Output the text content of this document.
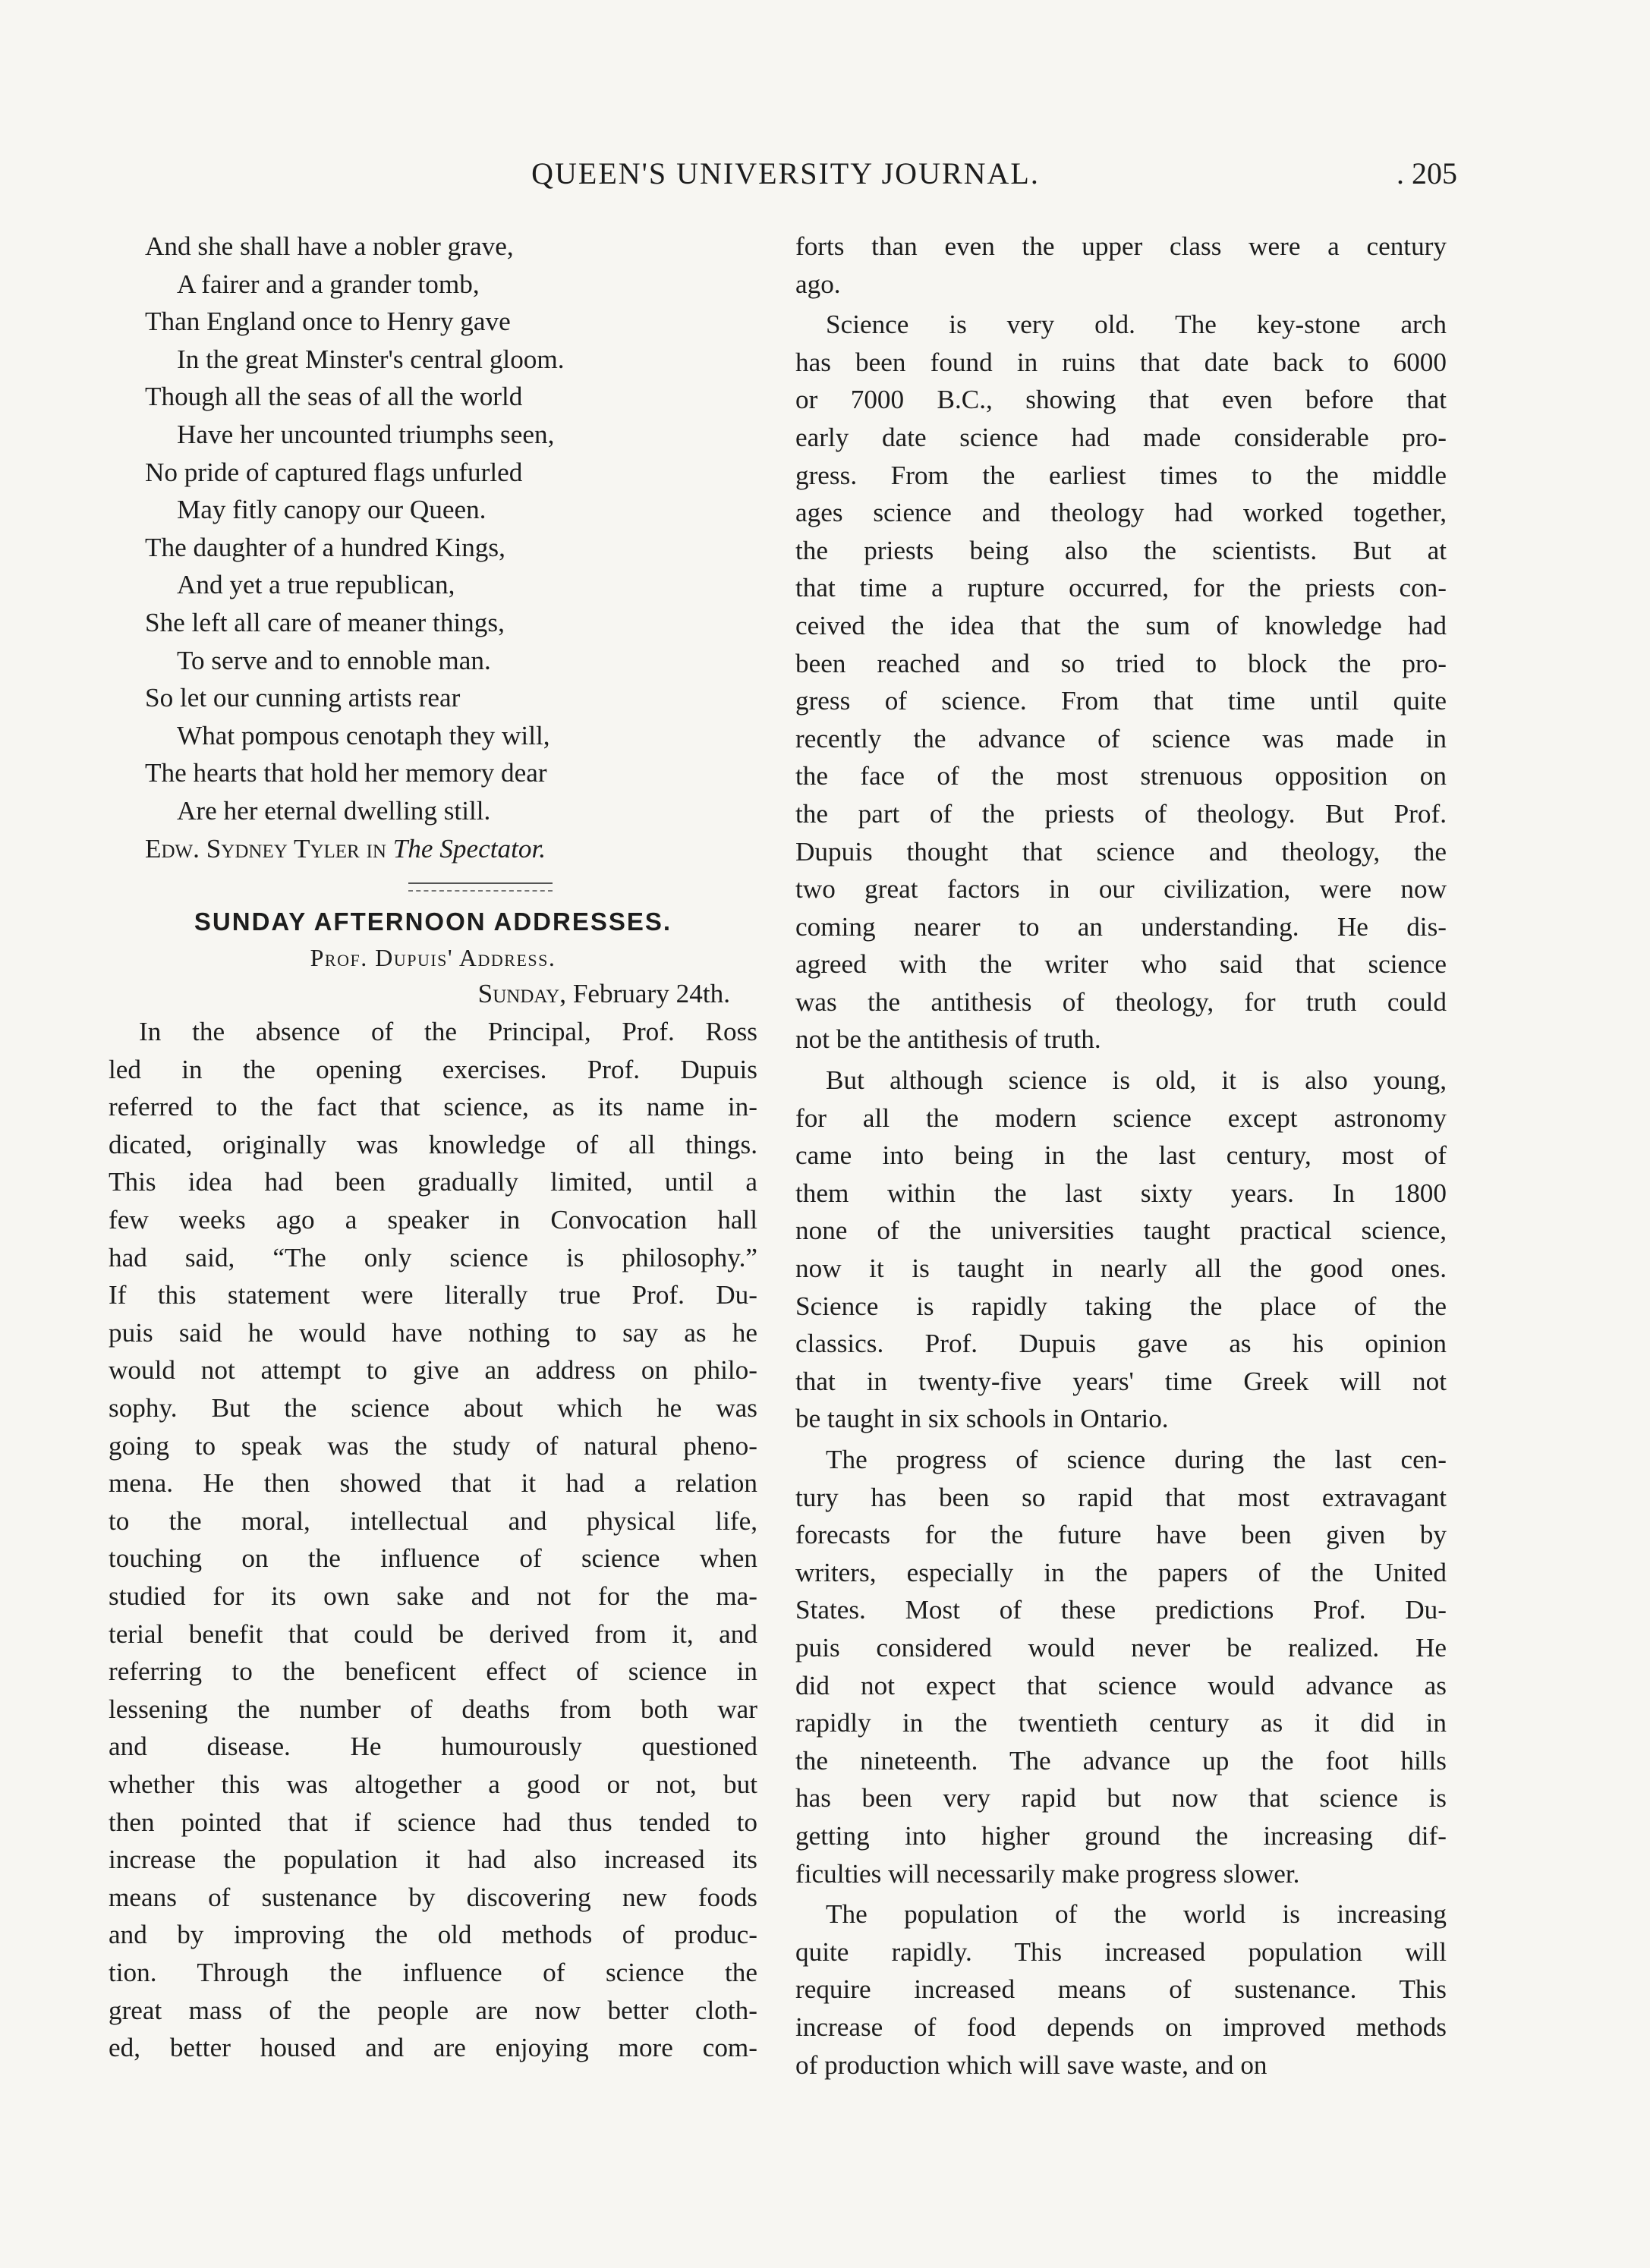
QUEEN'S UNIVERSITY JOURNAL.	. 205
And she shall have a nobler grave,
A fairer and a grander tomb,
Than England once to Henry gave
In the great Minster's central gloom.
Though all the seas of all the world
Have her uncounted triumphs seen,
No pride of captured flags unfurled
May fitly canopy our Queen.
The daughter of a hundred Kings,
And yet a true republican,
She left all care of meaner things,
To serve and to ennoble man.
So let our cunning artists rear
What pompous cenotaph they will,
The hearts that hold her memory dear
Are her eternal dwelling still.
Edw. Sydney Tyler in The Spectator.
SUNDAY AFTERNOON ADDRESSES.
Prof. Dupuis' Address.
Sunday, February 24th.
In the absence of the Principal, Prof. Ross
led in the opening exercises. Prof. Dupuis
referred to the fact that science, as its name in-
dicated, originally was knowledge of all things.
This idea had been gradually limited, until a
few weeks ago a speaker in Convocation hall
had said, “The only science is philosophy.”
If this statement were literally true Prof. Du-
puis said he would have nothing to say as he
would not attempt to give an address on philo-
sophy. But the science about which he was
going to speak was the study of natural pheno-
mena. He then showed that it had a relation
to the moral, intellectual and physical life,
touching on the influence of science when
studied for its own sake and not for the ma-
terial benefit that could be derived from it, and
referring to the beneficent effect of science in
lessening the number of deaths from both war
and disease. He humourously questioned
whether this was altogether a good or not, but
then pointed that if science had thus tended to
increase the population it had also increased its
means of sustenance by discovering new foods
and by improving the old methods of produc-
tion. Through the influence of science the
great mass of the people are now better cloth-
ed, better housed and are enjoying more com-
forts than even the upper class were a century
ago.
Science is very old. The key-stone arch
has been found in ruins that date back to 6000
or 7000 B.C., showing that even before that
early date science had made considerable pro-
gress. From the earliest times to the middle
ages science and theology had worked together,
the priests being also the scientists. But at
that time a rupture occurred, for the priests con-
ceived the idea that the sum of knowledge had
been reached and so tried to block the pro-
gress of science. From that time until quite
recently the advance of science was made in
the face of the most strenuous opposition on
the part of the priests of theology. But Prof.
Dupuis thought that science and theology, the
two great factors in our civilization, were now
coming nearer to an understanding. He dis-
agreed with the writer who said that science
was the antithesis of theology, for truth could
not be the antithesis of truth.
But although science is old, it is also young,
for all the modern science except astronomy
came into being in the last century, most of
them within the last sixty years. In 1800
none of the universities taught practical science,
now it is taught in nearly all the good ones.
Science is rapidly taking the place of the
classics. Prof. Dupuis gave as his opinion
that in twenty-five years' time Greek will not
be taught in six schools in Ontario.
The progress of science during the last cen-
tury has been so rapid that most extravagant
forecasts for the future have been given by
writers, especially in the papers of the United
States. Most of these predictions Prof. Du-
puis considered would never be realized. He
did not expect that science would advance as
rapidly in the twentieth century as it did in
the nineteenth. The advance up the foot hills
has been very rapid but now that science is
getting into higher ground the increasing dif-
ficulties will necessarily make progress slower.
The population of the world is increasing
quite rapidly. This increased population will
require increased means of sustenance. This
increase of food depends on improved methods
of production which will save waste, and on
